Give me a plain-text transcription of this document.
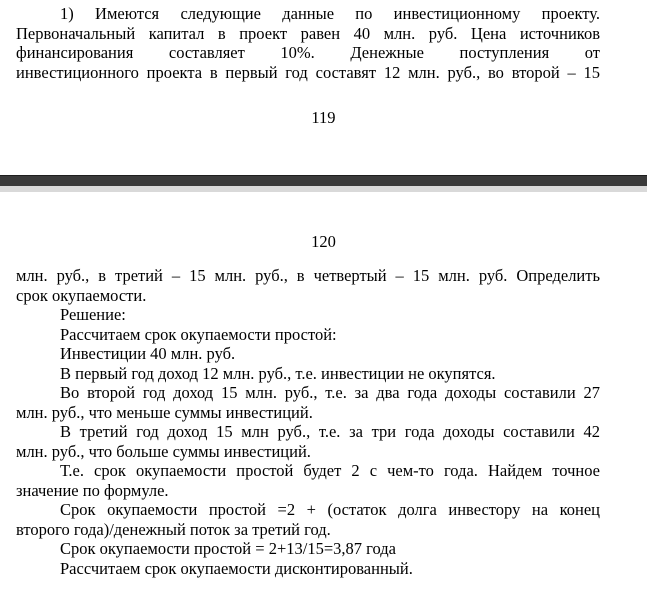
1) Имеются следующие данные по инвестиционному проекту.
Первоначальный капитал в проект равен 40 млн. руб. Цена источников
финансирования составляет 10%. Денежные поступления от
инвестиционного проекта в первый год составят 12 млн. руб., во второй – 15
119
120
млн. руб., в третий – 15 млн. руб., в четвертый – 15 млн. руб. Определить
срок окупаемости.
Решение:
Рассчитаем срок окупаемости простой:
Инвестиции 40 млн. руб.
В первый год доход 12 млн. руб., т.е. инвестиции не окупятся.
Во второй год доход 15 млн. руб., т.е. за два года доходы составили 27
млн. руб., что меньше суммы инвестиций.
В третий год доход 15 млн руб., т.е. за три года доходы составили 42
млн. руб., что больше суммы инвестиций.
Т.е. срок окупаемости простой будет 2 с чем-то года. Найдем точное
значение по формуле.
Срок окупаемости простой =2 + (остаток долга инвестору на конец
второго года)/денежный поток за третий год.
Срок окупаемости простой = 2+13/15=3,87 года
Рассчитаем срок окупаемости дисконтированный.
